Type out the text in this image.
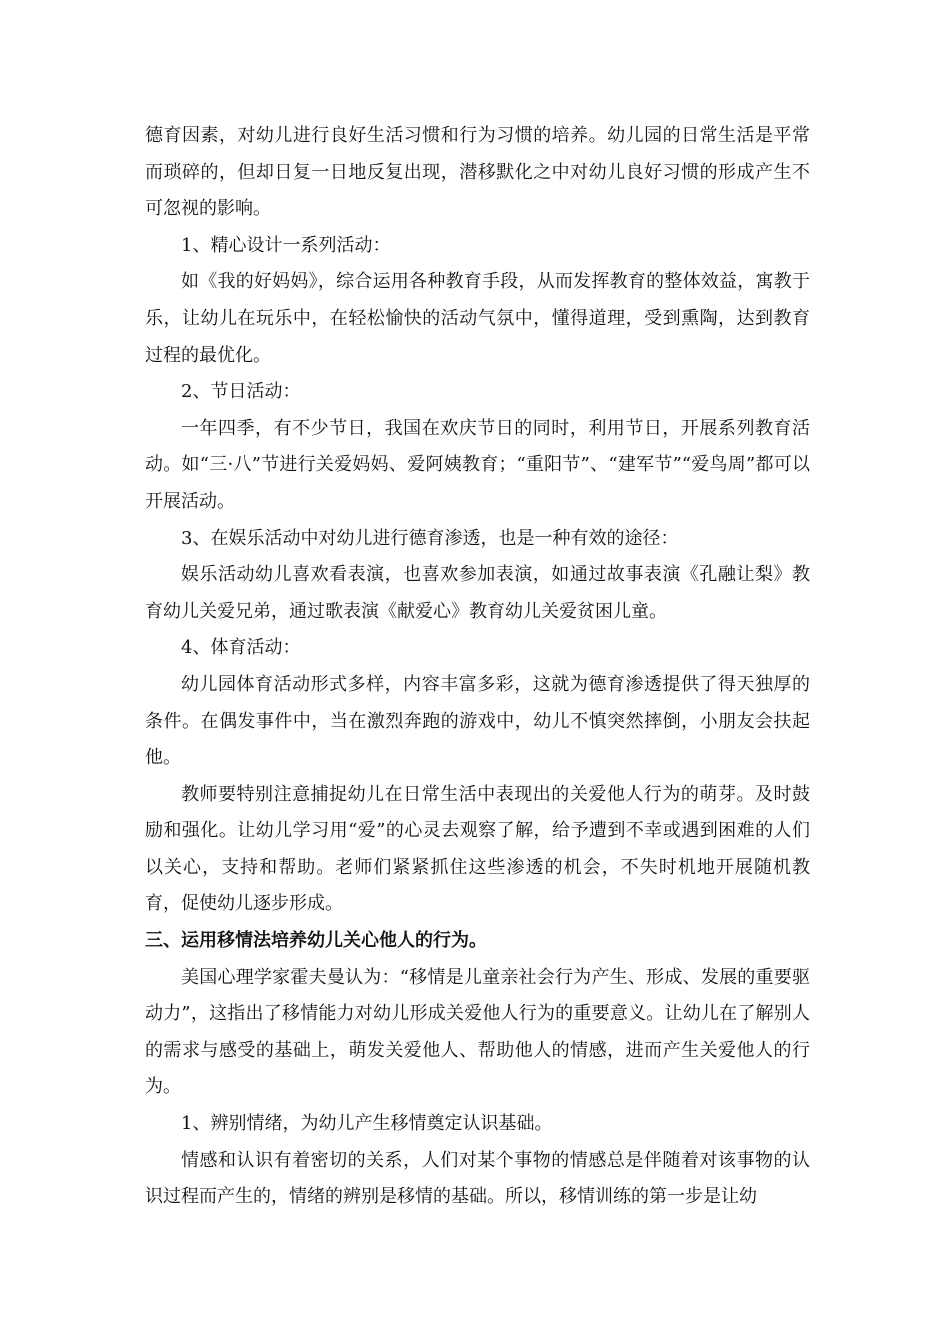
德育因素，对幼儿进行良好生活习惯和行为习惯的培养。幼儿园的日常生活是平常而琐碎的，但却日复一日地反复出现，潜移默化之中对幼儿良好习惯的形成产生不可忽视的影响。

1、精心设计一系列活动：

如《我的好妈妈》，综合运用各种教育手段，从而发挥教育的整体效益，寓教于乐，让幼儿在玩乐中，在轻松愉快的活动气氛中，懂得道理，受到熏陶，达到教育过程的最优化。

2、节日活动：

一年四季，有不少节日，我国在欢庆节日的同时，利用节日，开展系列教育活动。如“三·八”节进行关爱妈妈、爱阿姨教育；“重阳节”、“建军节”“爱鸟周”都可以开展活动。

3、在娱乐活动中对幼儿进行德育渗透，也是一种有效的途径：

娱乐活动幼儿喜欢看表演，也喜欢参加表演，如通过故事表演《孔融让梨》教育幼儿关爱兄弟，通过歌表演《献爱心》教育幼儿关爱贫困儿童。

4、体育活动：

幼儿园体育活动形式多样，内容丰富多彩，这就为德育渗透提供了得天独厚的条件。在偶发事件中，当在激烈奔跑的游戏中，幼儿不慎突然摔倒，小朋友会扶起他。

教师要特别注意捕捉幼儿在日常生活中表现出的关爱他人行为的萌芽。及时鼓励和强化。让幼儿学习用“爱”的心灵去观察了解，给予遭到不幸或遇到困难的人们以关心，支持和帮助。老师们紧紧抓住这些渗透的机会，不失时机地开展随机教育，促使幼儿逐步形成。

三、运用移情法培养幼儿关心他人的行为。

美国心理学家霍夫曼认为：“移情是儿童亲社会行为产生、形成、发展的重要驱动力”，这指出了移情能力对幼儿形成关爱他人行为的重要意义。让幼儿在了解别人的需求与感受的基础上，萌发关爱他人、帮助他人的情感，进而产生关爱他人的行为。

1、辨别情绪，为幼儿产生移情奠定认识基础。

情感和认识有着密切的关系，人们对某个事物的情感总是伴随着对该事物的认识过程而产生的，情绪的辨别是移情的基础。所以，移情训练的第一步是让幼
